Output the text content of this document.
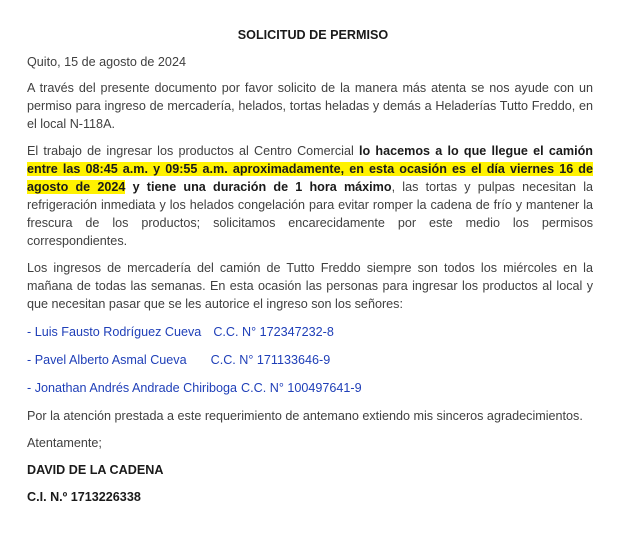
SOLICITUD DE PERMISO

Quito, 15 de agosto de 2024

A través del presente documento por favor solicito de la manera más atenta se nos ayude con un permiso para ingreso de mercadería, helados, tortas heladas y demás a Heladerías Tutto Freddo, en el local N-118A.

El trabajo de ingresar los productos al Centro Comercial lo hacemos a lo que llegue el camión entre las 08:45 a.m. y 09:55 a.m. aproximadamente, en esta ocasión es el día viernes 16 de agosto de 2024 y tiene una duración de 1 hora máximo, las tortas y pulpas necesitan la refrigeración inmediata y los helados congelación para evitar romper la cadena de frío y mantener la frescura de los productos; solicitamos encarecidamente por este medio los permisos correspondientes.

Los ingresos de mercadería del camión de Tutto Freddo siempre son todos los miércoles en la mañana de todas las semanas. En esta ocasión las personas para ingresar los productos al local y que necesitan pasar que se les autorice el ingreso son los señores:

- Luis Fausto Rodríguez Cueva C.C. N° 172347232-8

- Pavel Alberto Asmal Cueva C.C. N° 171133646-9

- Jonathan Andrés Andrade Chiriboga C.C. N° 100497641-9

Por la atención prestada a este requerimiento de antemano extiendo mis sinceros agradecimientos.

Atentamente;

DAVID DE LA CADENA

C.I. N.º 1713226338
